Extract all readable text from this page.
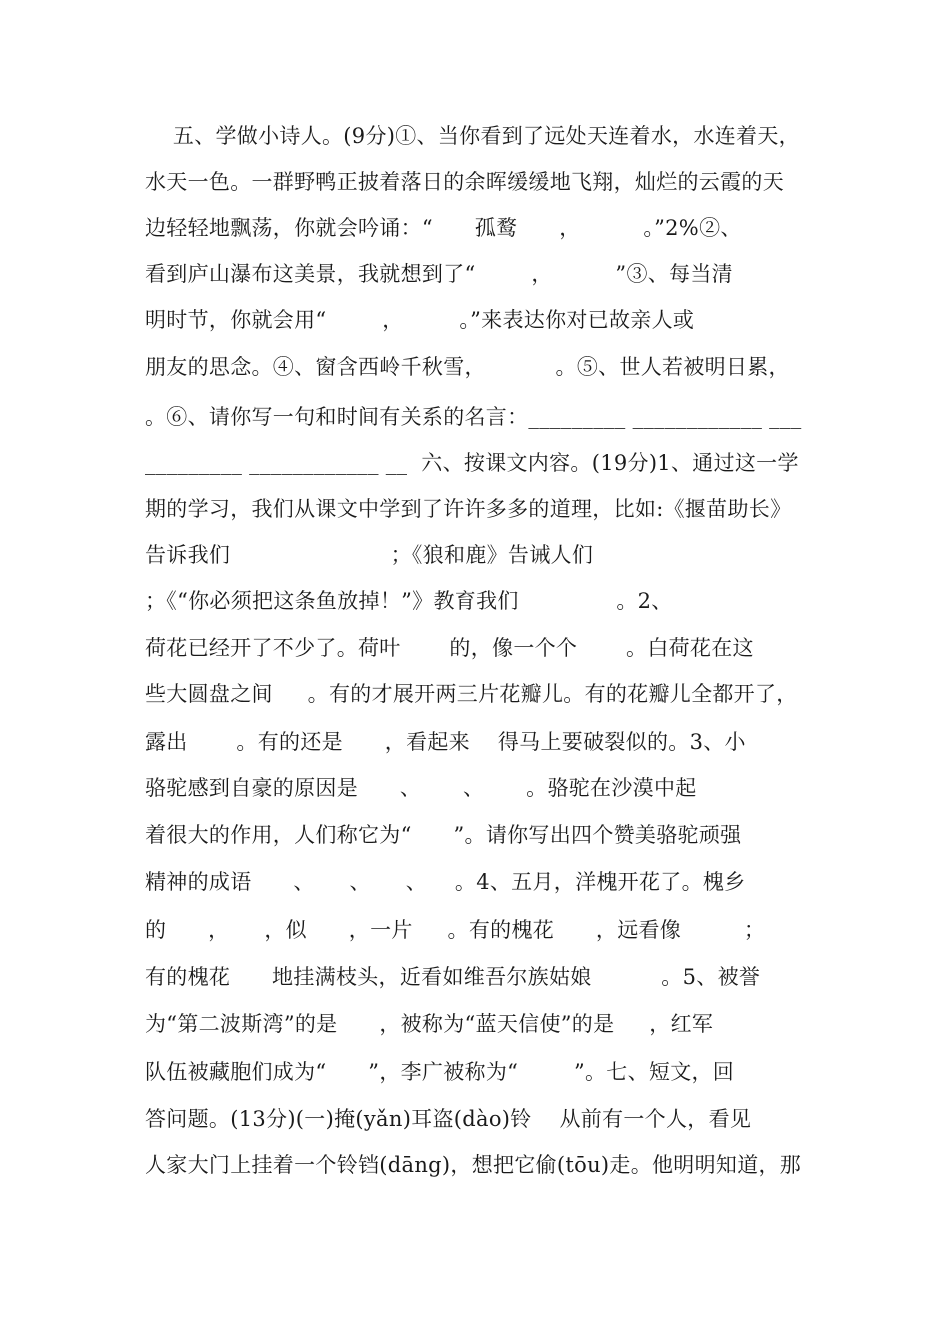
五、学做小诗人。(9分)①、当你看到了远处天连着水，水连着天，
水天一色。一群野鸭正披着落日的余晖缓缓地飞翔，灿烂的云霞的天
边轻轻地飘荡，你就会吟诵：“      孤鹜      ，         。”2%②、
看到庐山瀑布这美景，我就想到了“        ，         ”③、每当清
明时节，你就会用“        ，        。”来表达你对已故亲人或
朋友的思念。④、窗含西岭千秋雪，          。⑤、世人若被明日累，
。⑥、请你写一句和时间有关系的名言：_________ ____________ ___
_________ ____________ __  六、按课文内容。(19分)1、通过这一学
期的学习，我们从课文中学到了许许多多的道理，比如:《揠苗助长》
告诉我们                       ；《狼和鹿》告诫人们
；《“你必须把这条鱼放掉！”》教育我们              。2、
荷花已经开了不少了。荷叶       的，像一个个       。白荷花在这
些大圆盘之间     。有的才展开两三片花瓣儿。有的花瓣儿全都开了，
露出       。有的还是      ，看起来    得马上要破裂似的。3、小
骆驼感到自豪的原因是      、      、      。骆驼在沙漠中起
着很大的作用，人们称它为“      ”。请你写出四个赞美骆驼顽强
精神的成语      、     、     、    。4、五月，洋槐开花了。槐乡
的      ，     ，似      ，一片     。有的槐花      ，远看像         ；
有的槐花      地挂满枝头，近看如维吾尔族姑娘          。5、被誉
为“第二波斯湾”的是      ，被称为“蓝天信使”的是     ，红军
队伍被藏胞们成为“      ”，李广被称为“        ”。七、短文，回
答问题。(13分)(一)掩(yǎn)耳盗(dào)铃    从前有一个人，看见
人家大门上挂着一个铃铛(dāng)，想把它偷(tōu)走。他明明知道，那
